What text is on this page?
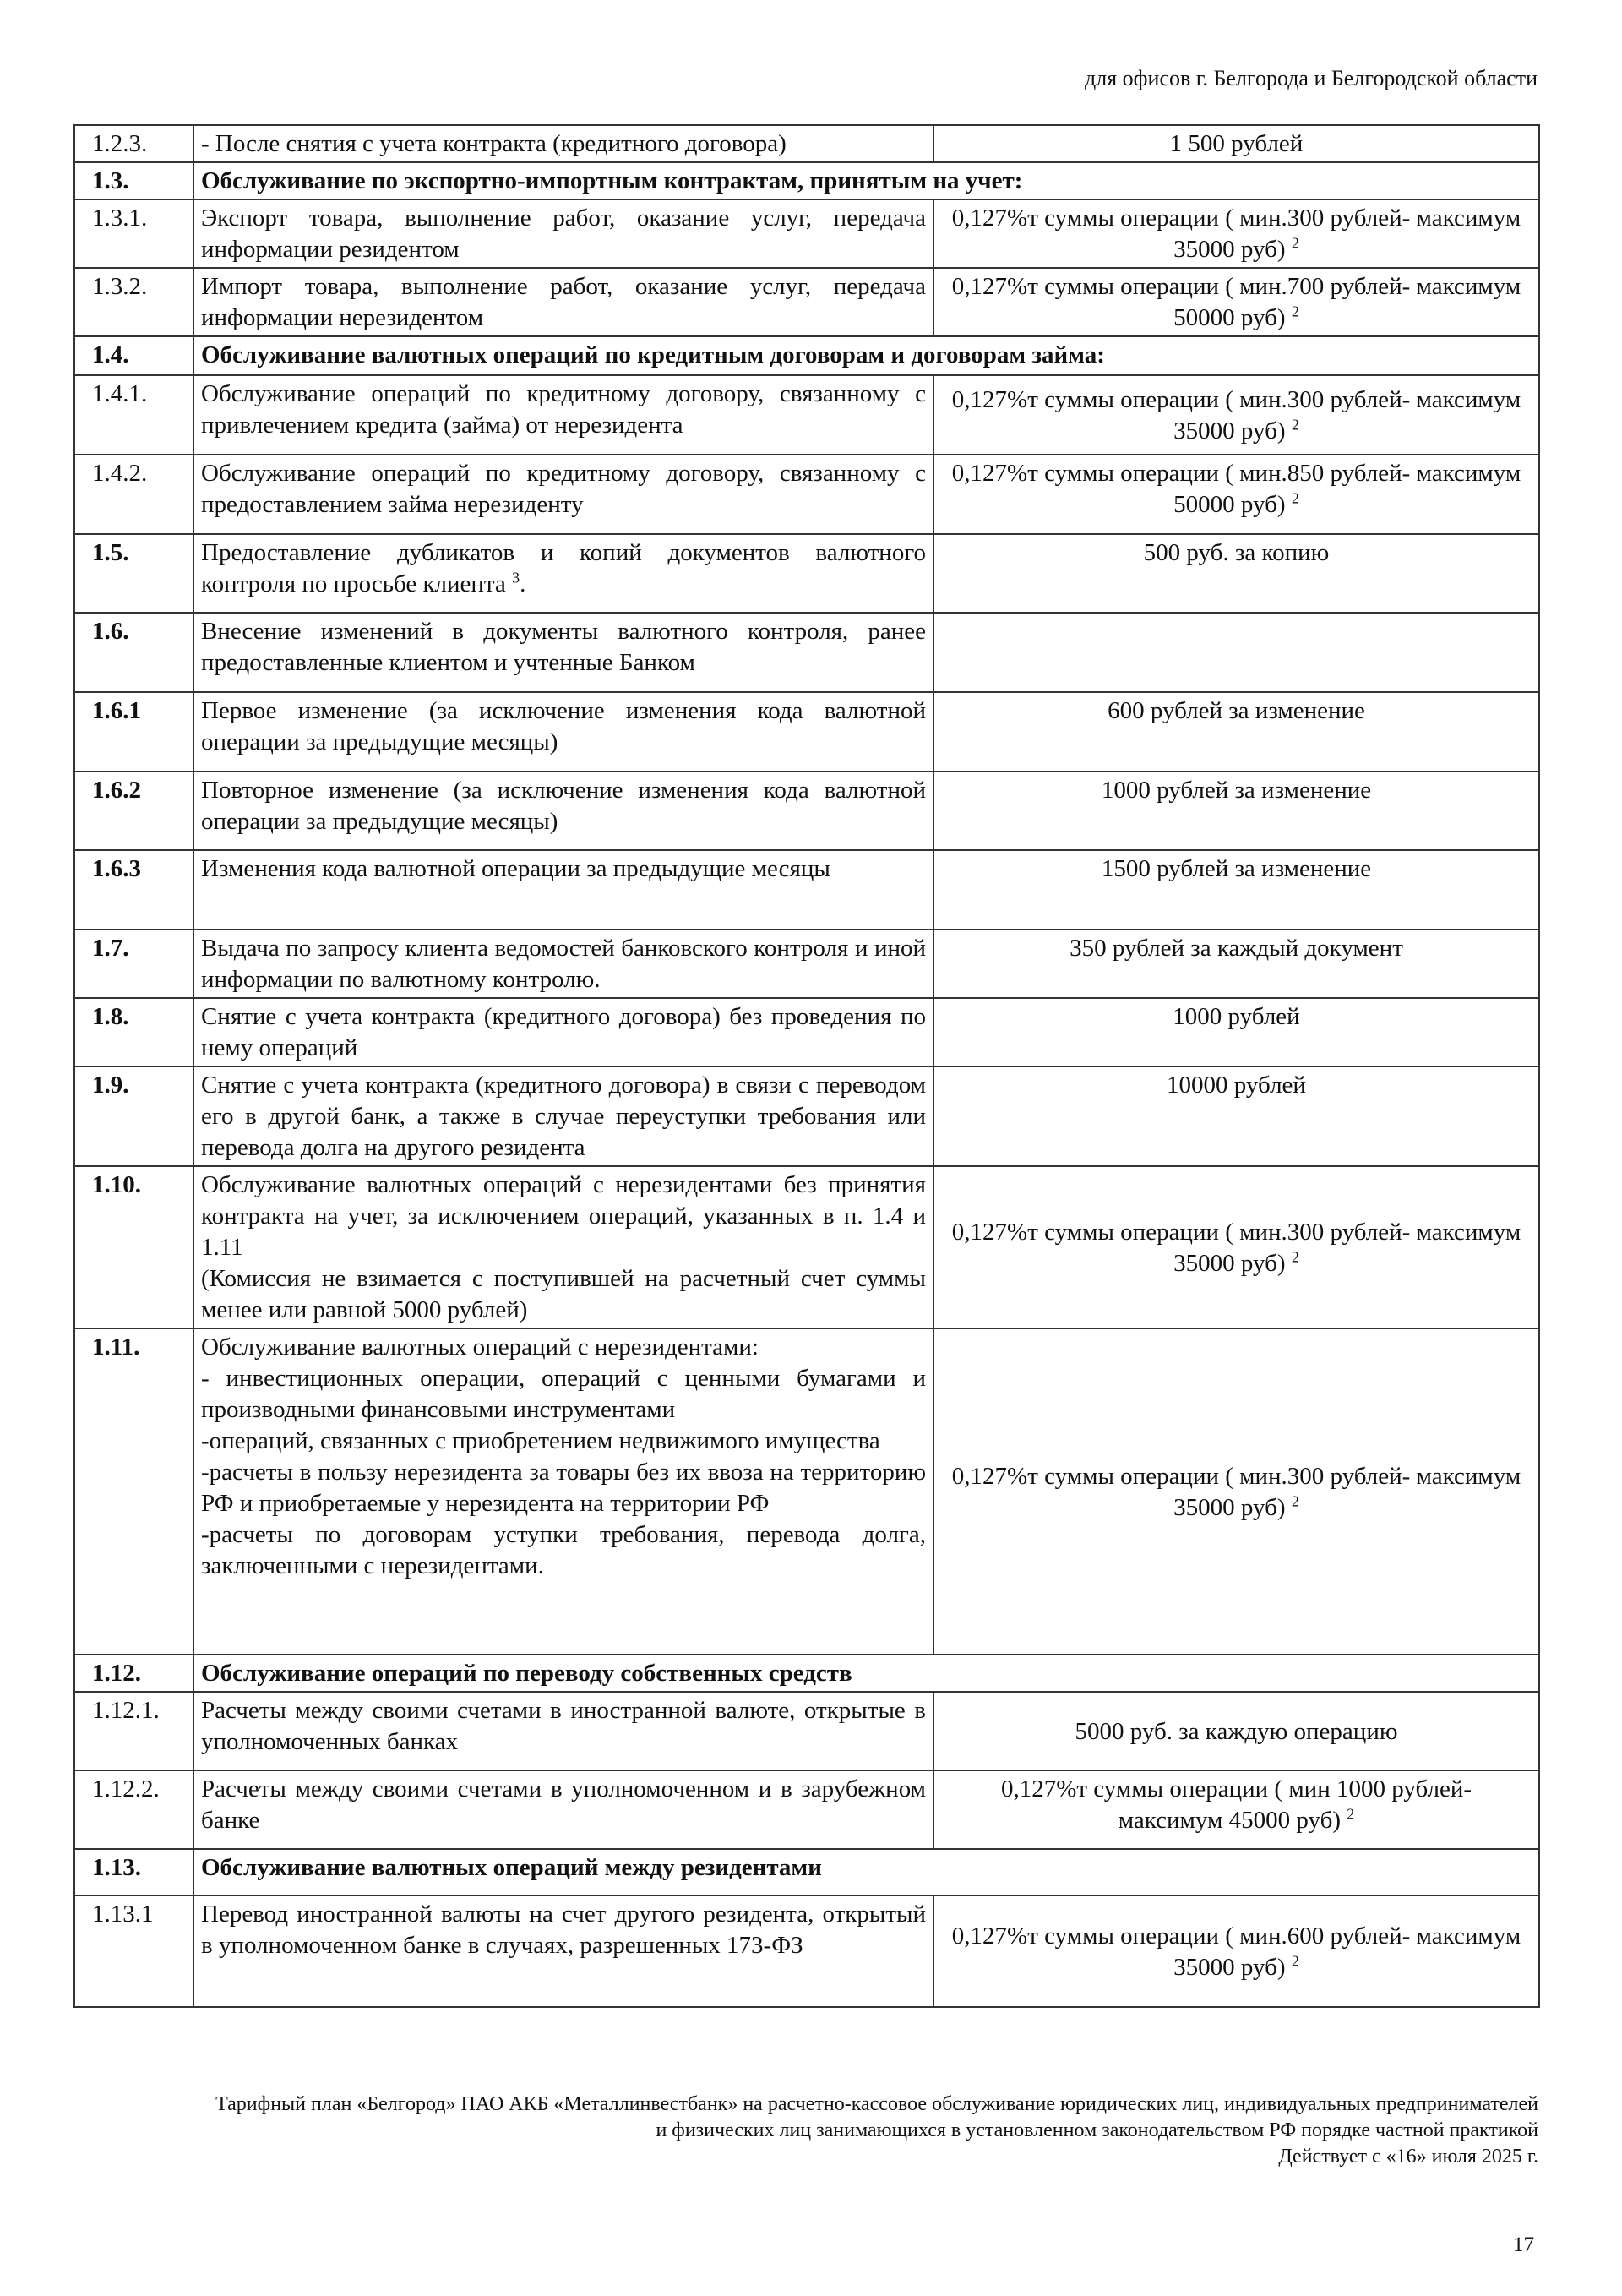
для офисов г. Белгорода и Белгородской области
1.2.3.	- После снятия с учета контракта (кредитного договора)	1 500 рублей
1.3.	Обслуживание по экспортно-импортным контрактам, принятым на учет:	
1.3.1.	Экспорт товара, выполнение работ, оказание услуг, передача информации резидентом	0,127%т суммы операции ( мин.300 рублей- максимум 35000 руб) $^2$
1.3.2.	Импорт товара, выполнение работ, оказание услуг, передача информации нерезидентом	0,127%т суммы операции ( мин.700 рублей- максимум 50000 руб) $^2$
1.4.	Обслуживание валютных операций по кредитным договорам и договорам займа:	
1.4.1.	Обслуживание операций по кредитному договору, связанному с привлечением кредита (займа) от нерезидента	0,127%т суммы операции ( мин.300 рублей- максимум 35000 руб) $^2$
1.4.2.	Обслуживание операций по кредитному договору, связанному с предоставлением займа нерезиденту	0,127%т суммы операции ( мин.850 рублей- максимум 50000 руб) $^2$
1.5.	Предоставление дубликатов и копий документов валютного контроля по просьбе клиента $^3$.	500 руб. за копию
1.6.	Внесение изменений в документы валютного контроля, ранее предоставленные клиентом и учтенные Банком	
1.6.1	Первое изменение (за исключение изменения кода валютной операции за предыдущие месяцы)	600 рублей за изменение
1.6.2	Повторное изменение (за исключение изменения кода валютной операции за предыдущие месяцы)	1000 рублей за изменение
1.6.3	Изменения кода валютной операции за предыдущие месяцы	1500 рублей за изменение
1.7.	Выдача по запросу клиента ведомостей банковского контроля и иной информации по валютному контролю.	350 рублей за каждый документ
1.8.	Снятие с учета контракта (кредитного договора) без проведения по нему операций	1000 рублей
1.9.	Снятие с учета контракта (кредитного договора) в связи с переводом его в другой банк, а также в случае переуступки требования или перевода долга на другого резидента	10000 рублей
1.10.	Обслуживание валютных операций с нерезидентами без принятия контракта на учет, за исключением операций, указанных в п. 1.4 и 1.11
(Комиссия не взимается с поступившей на расчетный счет суммы менее или равной 5000 рублей)	0,127%т суммы операции ( мин.300 рублей- максимум 35000 руб) $^2$
1.11.	Обслуживание валютных операций с нерезидентами:
- инвестиционных операции, операций с ценными бумагами и производными финансовыми инструментами
-операций, связанных с приобретением недвижимого имущества
-расчеты в пользу нерезидента за товары без их ввоза на территорию РФ и приобретаемые у нерезидента на территории РФ
-расчеты по договорам уступки требования, перевода долга, заключенными с нерезидентами.	0,127%т суммы операции ( мин.300 рублей- максимум 35000 руб) $^2$
1.12.	Обслуживание операций по переводу собственных средств	
1.12.1.	Расчеты между своими счетами в иностранной валюте, открытые в уполномоченных банках	5000 руб. за каждую операцию
1.12.2.	Расчеты между своими счетами в уполномоченном и в зарубежном банке	0,127%т суммы операции ( мин 1000 рублей- максимум 45000 руб) $^2$
1.13.	Обслуживание валютных операций между резидентами	
1.13.1	Перевод иностранной валюты на счет другого резидента, открытый в уполномоченном банке в случаях, разрешенных 173-ФЗ	0,127%т суммы операции ( мин.600 рублей- максимум 35000 руб) $^2$
Тарифный план «Белгород» ПАО АКБ «Металлинвестбанк» на расчетно-кассовое обслуживание юридических лиц, индивидуальных предпринимателей
и физических лиц занимающихся в установленном законодательством РФ порядке частной практикой
Действует с «16» июля 2025 г.
17
